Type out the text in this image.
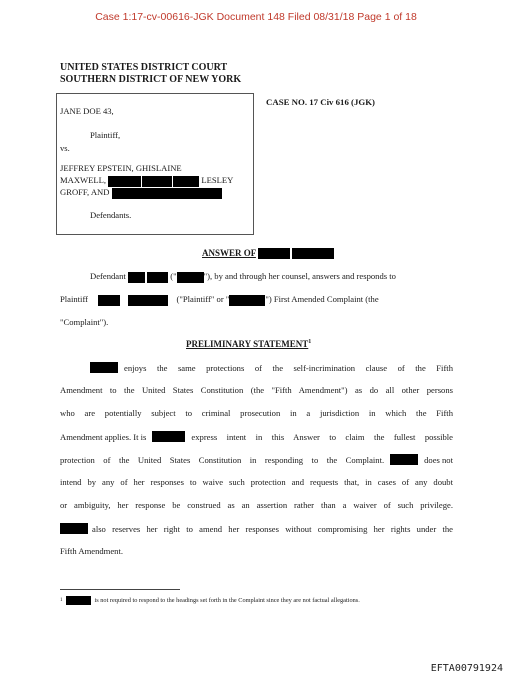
Case 1:17-cv-00616-JGK Document 148 Filed 08/31/18 Page 1 of 18
UNITED STATES DISTRICT COURT
SOUTHERN DISTRICT OF NEW YORK
JANE DOE 43,
Plaintiff,
vs.
JEFFREY EPSTEIN, GHISLAINE
MAXWELL,	LESLEY
GROFF, AND
Defendants.
CASE NO. 17 Civ 616 (JGK)
ANSWER OF
Defendant	("	"), by and through her counsel, answers and responds to
Plaintiff	("Plaintiff" or "	") First Amended Complaint (the
"Complaint").
PRELIMINARY STATEMENT$^1$
enjoys the same protections of the self-incrimination clause of the Fifth
Amendment to the United States Constitution (the "Fifth Amendment") as do all other persons
who are potentially subject to criminal prosecution in a jurisdiction in which the Fifth
Amendment applies. It is	express intent in this Answer to claim the fullest possible
protection of the United States Constitution in responding to the Complaint.	does not
intend by any of her responses to waive such protection and requests that, in cases of any doubt
or ambiguity, her response be construed as an assertion rather than a waiver of such privilege.
also reserves her right to amend her responses without compromising her rights under the
Fifth Amendment.
1	is not required to respond to the headings set forth in the Complaint since they are not factual allegations.
EFTA00791924
